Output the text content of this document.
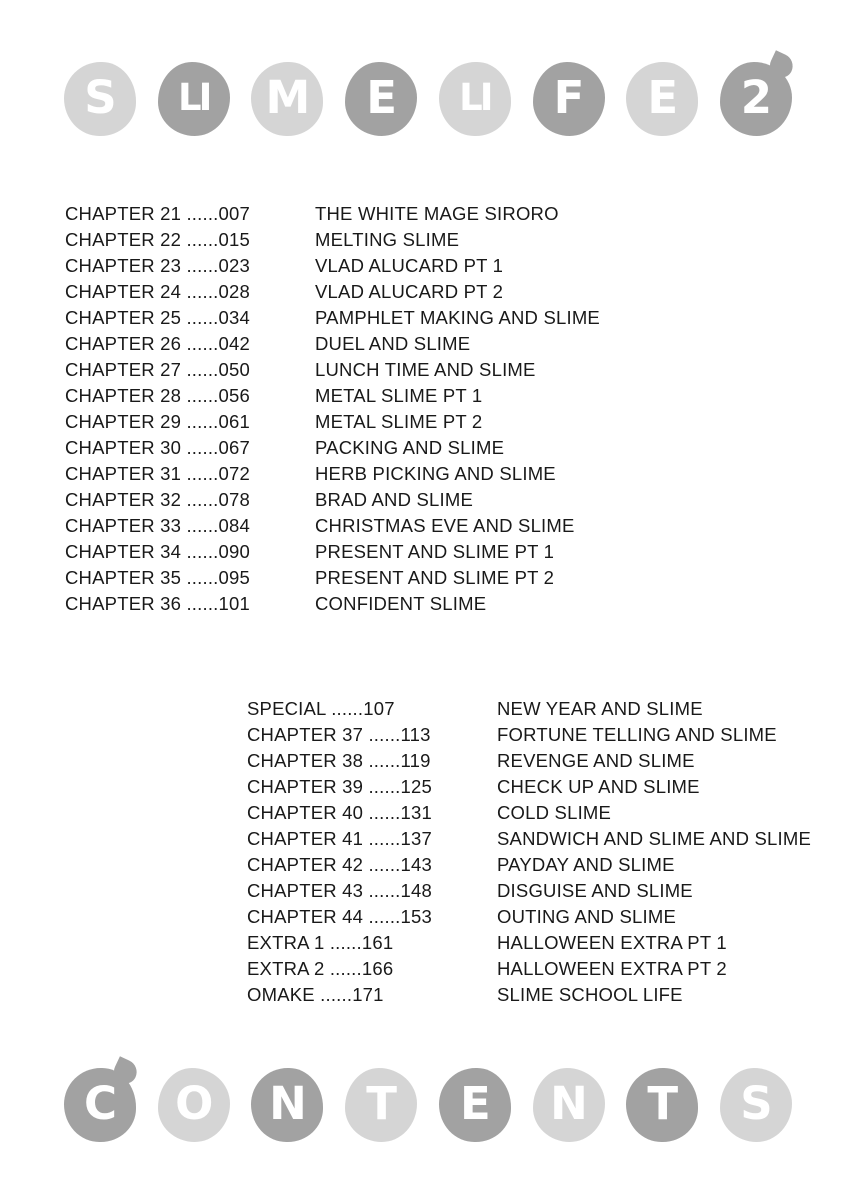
S LI M E LI F E 2
CHAPTER 21 ......007	THE WHITE MAGE SIRORO
CHAPTER 22 ......015	MELTING SLIME
CHAPTER 23 ......023	VLAD ALUCARD PT 1
CHAPTER 24 ......028	VLAD ALUCARD PT 2
CHAPTER 25 ......034	PAMPHLET MAKING AND SLIME
CHAPTER 26 ......042	DUEL AND SLIME
CHAPTER 27 ......050	LUNCH TIME AND SLIME
CHAPTER 28 ......056	METAL SLIME PT 1
CHAPTER 29 ......061	METAL SLIME PT 2
CHAPTER 30 ......067	PACKING AND SLIME
CHAPTER 31 ......072	HERB PICKING AND SLIME
CHAPTER 32 ......078	BRAD AND SLIME
CHAPTER 33 ......084	CHRISTMAS EVE AND SLIME
CHAPTER 34 ......090	PRESENT AND SLIME PT 1
CHAPTER 35 ......095	PRESENT AND SLIME PT 2
CHAPTER 36 ......101	CONFIDENT SLIME
SPECIAL ......107	NEW YEAR AND SLIME
CHAPTER 37 ......113	FORTUNE TELLING AND SLIME
CHAPTER 38 ......119	REVENGE AND SLIME
CHAPTER 39 ......125	CHECK UP AND SLIME
CHAPTER 40 ......131	COLD SLIME
CHAPTER 41 ......137	SANDWICH AND SLIME AND SLIME
CHAPTER 42 ......143	PAYDAY AND SLIME
CHAPTER 43 ......148	DISGUISE AND SLIME
CHAPTER 44 ......153	OUTING AND SLIME
EXTRA 1 ......161	HALLOWEEN EXTRA PT 1
EXTRA 2 ......166	HALLOWEEN EXTRA PT 2
OMAKE ......171	SLIME SCHOOL LIFE
C O N T E N T S
